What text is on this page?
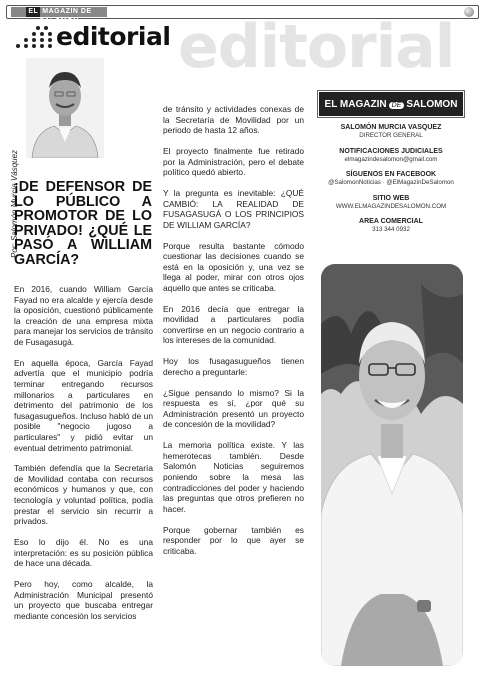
EL MAGAZIN DE SALOMON	editorial
editorial
Por: Salomón Murcia Vásquez
¡DE DEFENSOR DE LO PÚBLICO A PROMOTOR DE LO PRIVADO! ¿QUÉ LE PASÓ A WILLIAM GARCÍA?

En 2016, cuando William García Fayad no era alcalde y ejercía desde la oposición, cuestionó públicamente la creación de una empresa mixta para manejar los servicios de tránsito de Fusagasugá.

En aquella época, García Fayad advertía que el municipio podría terminar entregando recursos millonarios a particulares en detrimento del patrimonio de los fusagasugueños. Incluso habló de un posible "negocio jugoso a particulares" y pidió evitar un eventual detrimento patrimonial.

También defendía que la Secretaría de Movilidad contaba con recursos económicos y humanos y que, con tecnología y voluntad política, podía prestar el servicio sin recurrir a privados.

Eso lo dijo él. No es una interpretación: es su posición pública de hace una década.

Pero hoy, como alcalde, la Administración Municipal presentó un proyecto que buscaba entregar mediante concesión los servicios

de tránsito y actividades conexas de la Secretaría de Movilidad por un periodo de hasta 12 años.

El proyecto finalmente fue retirado por la Administración, pero el debate político quedó abierto.

Y la pregunta es inevitable: ¿QUÉ CAMBIÓ: LA REALIDAD DE FUSAGASUGÁ O LOS PRINCIPIOS DE WILLIAM GARCÍA?

Porque resulta bastante cómodo cuestionar las decisiones cuando se está en la oposición y, una vez se llega al poder, mirar con otros ojos aquello que antes se criticaba.

En 2016 decía que entregar la movilidad a particulares podía convertirse en un negocio contrario a los intereses de la comunidad.

Hoy los fusagasugueños tienen derecho a preguntarle:

¿Sigue pensando lo mismo? Si la respuesta es sí, ¿por qué su Administración presentó un proyecto de concesión de la movilidad?

La memoria política existe. Y las hemerotecas también. Desde Salomón Noticias seguiremos poniendo sobre la mesa las contradicciones del poder y haciendo las preguntas que otros prefieren no hacer.

Porque gobernar también es responder por lo que ayer se criticaba.

EL MAGAZIN DE SALOMON
SALOMÓN MURCIA VASQUEZ
DIRECTOR GENERAL
NOTIFICACIONES JUDICIALES
elmagazindesalomon@gmail.com
SÍGUENOS EN FACEBOOK
@SalomonNoticias · @ElMagazinDeSalomon
SITIO WEB
WWW.ELMAGAZINDESALOMON.COM
AREA COMERCIAL
313 344 0932
